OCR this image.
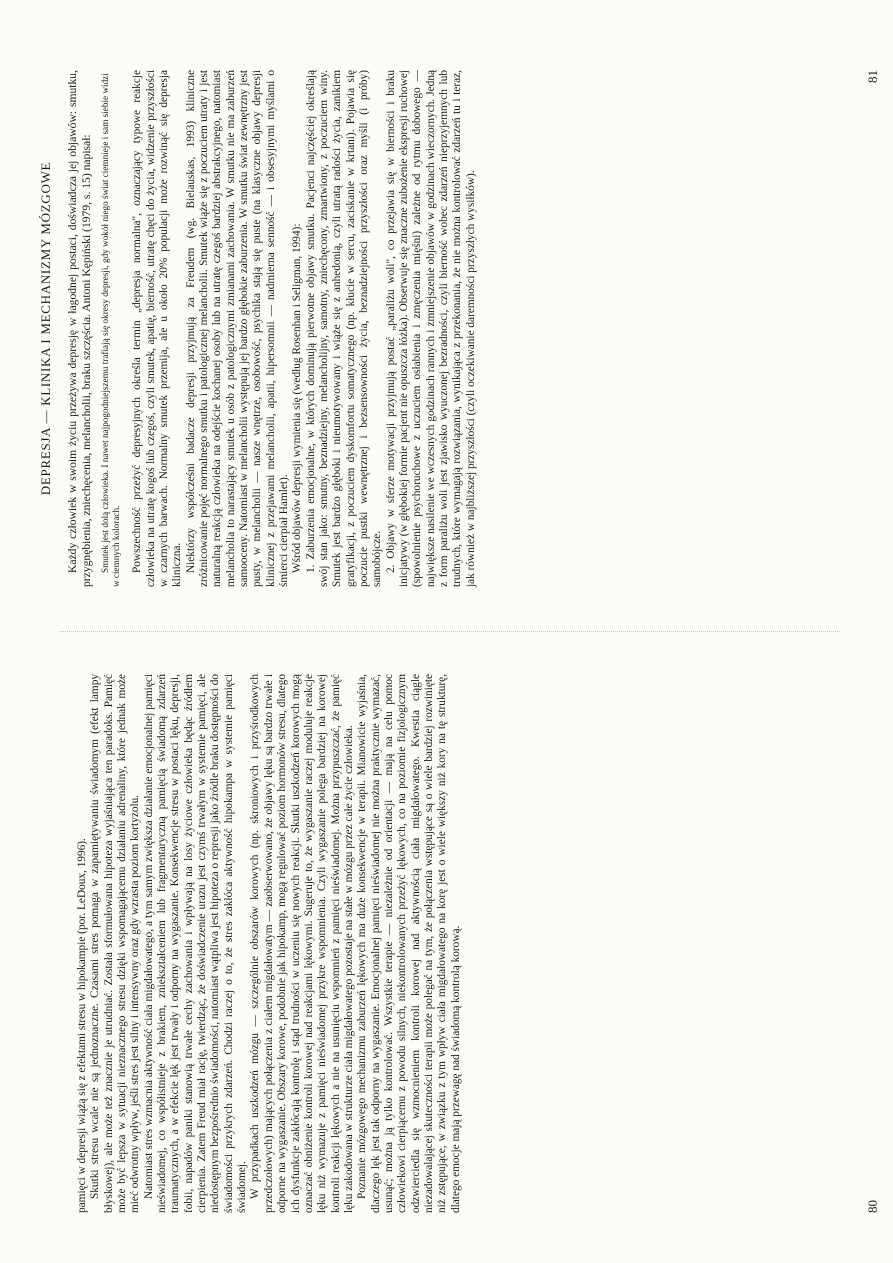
pamięci w depresji wiążą się z efektami stresu w hipokampie (por. LeDoux, 1996). Skutki stresu wcale nie są jednoznaczne. Czasami stres pomaga w zapamiętywaniu świadomym (efekt lampy błyskowej), ale może też znacznie je utrudniać. Została sformułowana hipoteza wyjaśniająca ten paradoks. Pamięć może być lepsza w sytuacji nieznacznego stresu dzięki wspomagającemu działaniu adrenaliny, które jednak może mieć odwrotny wpływ, jeśli stres jest silny i intensywny oraz gdy wzrasta poziom kortyzolu. Natomiast stres wzmacnia aktywność ciała migdałowatego, a tym samym zwiększa działanie emocjonalnej pamięci nieświadomej, co współistnieje z brakiem, zniekształceniem lub fragmentaryczną pamięcią świadomą zdarzeń traumatycznych, a w efekcie lęk jest trwały i odporny na wygaszanie. Konsekwencje stresu w postaci lęku, depresji, fobii, napadów paniki stanowią trwałe cechy zachowania i wpływają na losy życiowe człowieka będąc źródłem cierpienia. Zatem Freud miał rację, twierdząc, że doświadczenie urazu jest czymś trwałym w systemie pamięci, ale niedostępnym bezpośrednio świadomości, natomiast wątpliwa jest hipoteza o represji jako źródle braku dostępności do świadomości przykrych zdarzeń. Chodzi raczej o to, że stres zakłóca aktywność hipokampa w systemie pamięci świadomej. W przypadkach uszkodzeń mózgu — szczególnie obszarów korowych (np. skroniowych i przyśrodkowych przedczołowych) mających połączenia z ciałem migdałowatym — zaobserwowano, że objawy lęku są bardzo trwałe i odporne na wygaszanie. Obszary korowe, podobnie jak hipokamp, mogą regulować poziom hormonów stresu, dlatego ich dysfunkcje zakłócają kontrolę i stąd trudności w uczeniu się nowych reakcji. Skutki uszkodzeń korowych mogą oznaczać obniżenie kontroli korowej nad reakcjami lękowymi. Sugeruje to, że wygaszanie raczej moduluje reakcje lęku niż wymazuje z pamięci nieświadomej przykre wspomnienia. Czyli wygaszanie polega bardziej na korowej kontroli reakcji lękowych a nie na usunięciu wspomnień z pamięci nieświadomej. Można przypuszczać, że pamięć lęku zakodowana w strukturze ciała migdałowatego pozostaje na stałe w mózgu przez całe życie człowieka. Poznanie mózgowego mechanizmu zaburzeń lękowych ma duże konsekwencje w terapii. Mianowicie wyjaśnia, dlaczego lęk jest tak odporny na wygaszanie. Emocjonalnej pamięci nieświadomej nie można praktycznie wymazać, usunąć; można ją tylko kontrolować. Wszystkie terapie — niezależnie od orientacji — mają na celu pomoc człowiekowi cierpiącemu z powodu silnych, niekontrolowanych przeżyć lękowych, co na poziomie fizjologicznym odzwierciedla się wzmocnieniem kontroli korowej nad aktywnością ciała migdałowatego. Kwestia ciągle niezadowalającej skuteczności terapii może polegać na tym, że połączenia wstępujące są o wiele bardziej rozwinięte niż zstępujące, w związku z tym wpływ ciała migdałowatego na korę jest o wiele większy niż kory na tę strukturę, dlatego emocje mają przewagę nad świadomą kontrolą korową.	80
DEPRESJA — KLINIKA I MECHANIZMY MÓZGOWE Każdy człowiek w swoim życiu przeżywa depresję w łagodnej postaci, doświadcza jej objawów: smutku, przygnębienia, zniechęcenia, melancholii, braku szczęścia. Antoni Kępiński (1979, s. 15) napisał: Smutek jest dolą człowieka. I nawet najpogodniejszemu trafiają się okresy depresji, gdy wokół niego świat ciemnieje i sam siebie widzi w ciemnych kolorach. Powszechność przeżyć depresyjnych określa termin „depresja normalna", oznaczający typowe reakcje człowieka na utratę kogoś lub czegoś, czyli smutek, apatię, bierność, utratę chęci do życia, widzenie przyszłości w czarnych barwach. Normalny smutek przemija, ale u około 20% populacji może rozwinąć się depresja kliniczna. Niektórzy współcześni badacze depresji przyjmują za Freudem (wg. Bielauskas, 1993) kliniczne zróżnicowanie pojęć normalnego smutku i patologicznej melancholii. Smutek wiąże się z poczuciem utraty i jest naturalną reakcją człowieka na odejście kochanej osoby lub na utratę czegoś bardziej abstrakcyjnego, natomiast melancholia to narastający smutek u osób z patologicznymi zmianami zachowania. W smutku nie ma zaburzeń samooceny. Natomiast w melancholii występują jej bardzo głębokie zaburzenia. W smutku świat zewnętrzny jest pusty, w melancholii — nasze wnętrze, osobowość, psychika stają się puste (na klasyczne objawy depresji klinicznej z przejawami melancholii, apatii, hipersomnii — nadmierna senność — i obsesyjnymi myślami o śmierci cierpiał Hamlet). Wśród objawów depresji wymienia się (według Rosenhan i Seligman, 1994): 1. Zaburzenia emocjonalne, w których dominują pierwotne objawy smutku. Pacjenci najczęściej określają swój stan jako: smutny, beznadziejny, melancholijny, samotny, zniechęcony, zmartwiony, z poczuciem winy. Smutek jest bardzo głęboki i nieumotywowany i wiąże się z anhedonią, czyli utratą radości życia, zanikiem gratyfikacji, z poczuciem dyskomfortu somatycznego (np. kłucie w sercu, zaciskanie w krtani). Pojawia się poczucie pustki wewnętrznej i bezsensowności życia, beznadziejności przyszłości oraz myśli (i próby) samobójcze. 2. Objawy w sferze motywacji przyjmują postać „paraliżu woli", co przejawia się w bierności i braku inicjatywy (w głębokiej formie pacjent nie opuszcza łóżka). Obserwuje się znaczne zubożenie ekspresji ruchowej (spowolnienie psychoruchowe z uczuciem osłabienia i zmęczenia mięśni) zależne od rytmu dobowego — największe nasilenie we wczesnych godzinach rannych i zmniejszenie objawów w godzinach wieczornych. Jedną z form paraliżu woli jest zjawisko wyuczonej bezradności, czyli bierność wobec zdarzeń nieprzyjemnych lub trudnych, które wymagają rozwiązania, wynikająca z przekonania, że nie można kontrolować zdarzeń tu i teraz, jak również w najbliższej przyszłości (czyli oczekiwanie daremności przyszłych wysiłków).

81
